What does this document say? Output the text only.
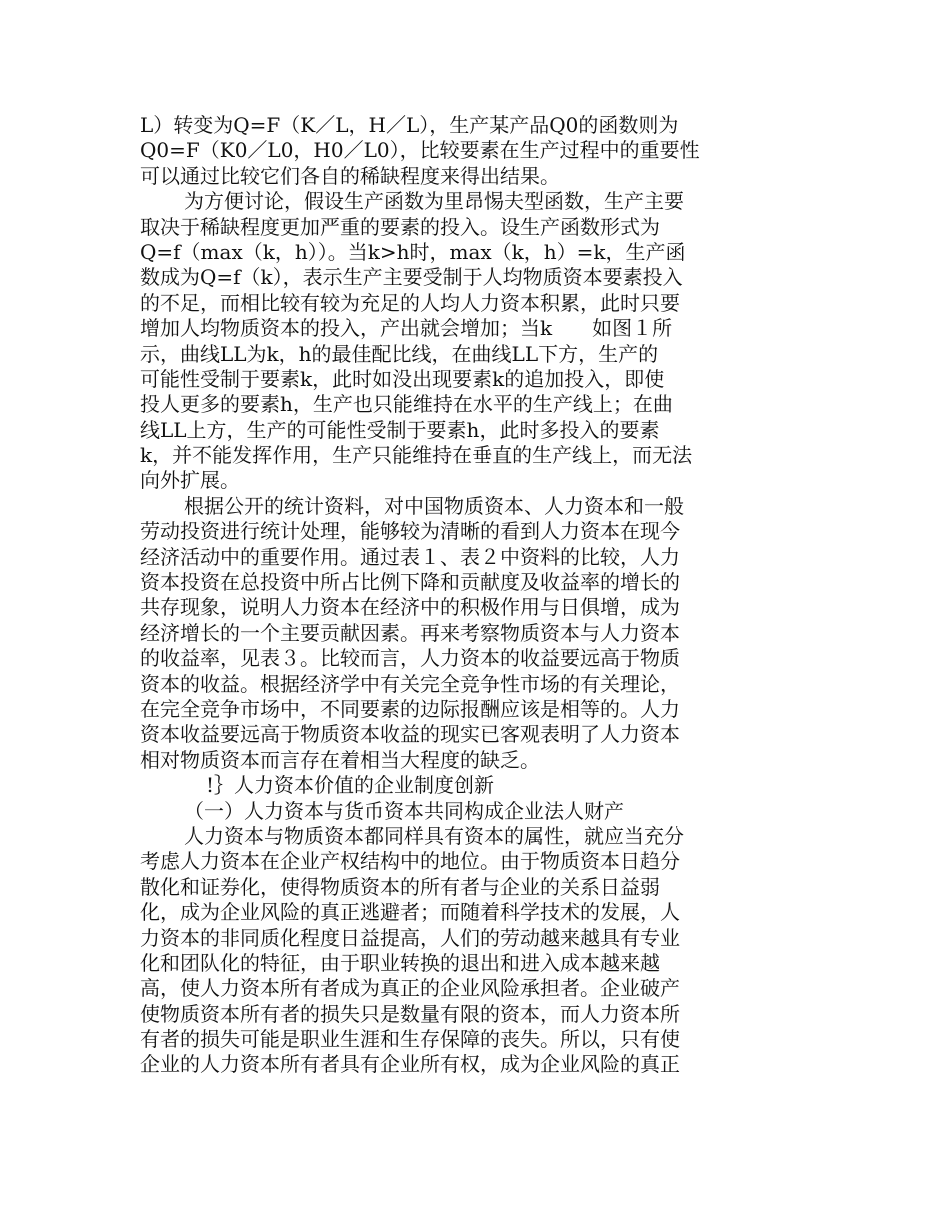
L）转变为Q=F（K／L，H／L），生产某产品Q0的函数则为
Q0=F（K0／L0，H0／L0），比较要素在生产过程中的重要性
可以通过比较它们各自的稀缺程度来得出结果。
为方便讨论，假设生产函数为里昂惕夫型函数，生产主要
取决于稀缺程度更加严重的要素的投入。设生产函数形式为
Q=f（max（k，h））。当k>h时，max（k，h）=k，生产函
数成为Q=f（k），表示生产主要受制于人均物质资本要素投入
的不足，而相比较有较为充足的人均人力资本积累，此时只要
增加人均物质资本的投入，产出就会增加；当k　　如图１所
示，曲线LL为k，h的最佳配比线，在曲线LL下方，生产的
可能性受制于要素k，此时如没出现要素k的追加投入，即使
投人更多的要素h，生产也只能维持在水平的生产线上；在曲
线LL上方，生产的可能性受制于要素h，此时多投入的要素
k，并不能发挥作用，生产只能维持在垂直的生产线上，而无法
向外扩展。
根据公开的统计资料，对中国物质资本、人力资本和一般
劳动投资进行统计处理，能够较为清晰的看到人力资本在现今
经济活动中的重要作用。通过表１、表２中资料的比较，人力
资本投资在总投资中所占比例下降和贡献度及收益率的增长的
共存现象，说明人力资本在经济中的积极作用与日俱增，成为
经济增长的一个主要贡献因素。再来考察物质资本与人力资本
的收益率，见表３。比较而言，人力资本的收益要远高于物质
资本的收益。根据经济学中有关完全竞争性市场的有关理论，
在完全竞争市场中，不同要素的边际报酬应该是相等的。人力
资本收益要远高于物质资本收益的现实已客观表明了人力资本
相对物质资本而言存在着相当大程度的缺乏。
!｝人力资本价值的企业制度创新
（一）人力资本与货币资本共同构成企业法人财产
人力资本与物质资本都同样具有资本的属性，就应当充分
考虑人力资本在企业产权结构中的地位。由于物质资本日趋分
散化和证券化，使得物质资本的所有者与企业的关系日益弱
化，成为企业风险的真正逃避者；而随着科学技术的发展，人
力资本的非同质化程度日益提高，人们的劳动越来越具有专业
化和团队化的特征，由于职业转换的退出和进入成本越来越
高，使人力资本所有者成为真正的企业风险承担者。企业破产
使物质资本所有者的损失只是数量有限的资本，而人力资本所
有者的损失可能是职业生涯和生存保障的丧失。所以，只有使
企业的人力资本所有者具有企业所有权，成为企业风险的真正
